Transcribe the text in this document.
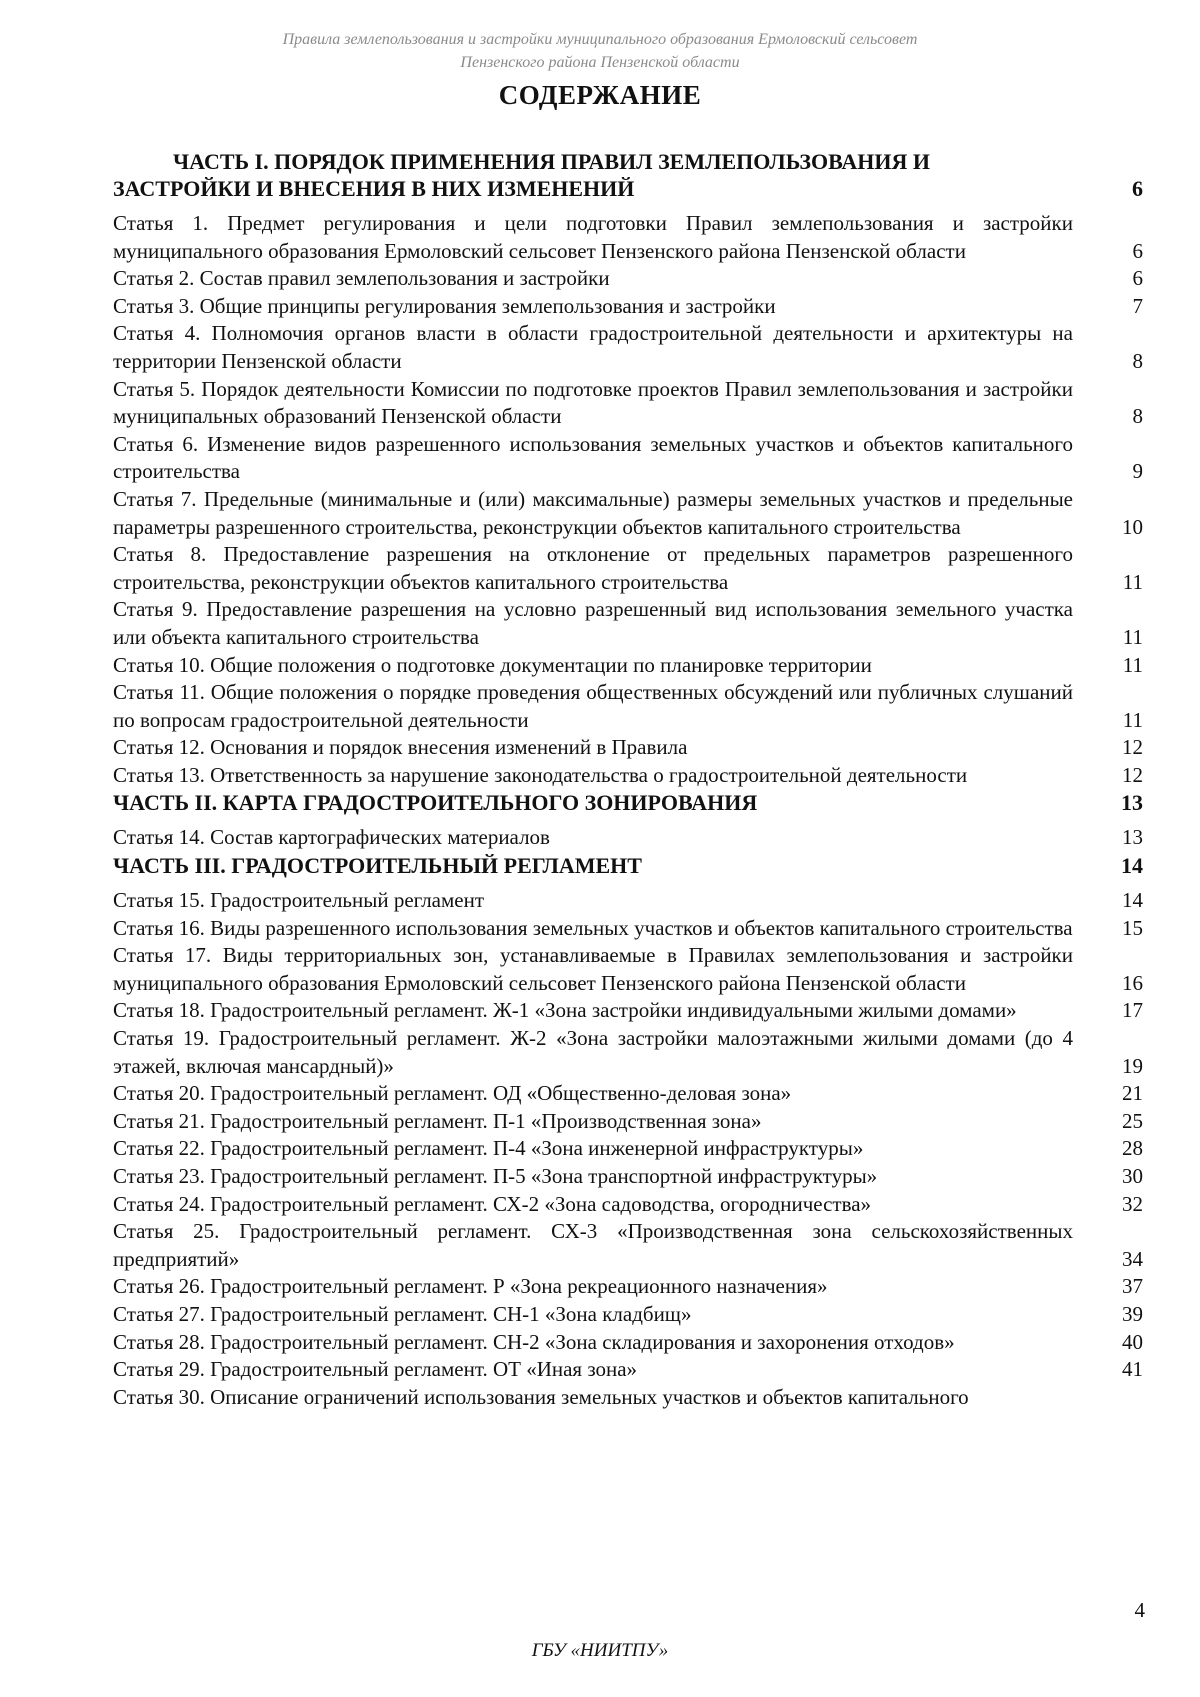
Правила землепользования и застройки муниципального образования Ермоловский сельсовет
Пензенского района Пензенской области
СОДЕРЖАНИЕ
ЧАСТЬ I. ПОРЯДОК ПРИМЕНЕНИЯ ПРАВИЛ ЗЕМЛЕПОЛЬЗОВАНИЯ И ЗАСТРОЙКИ И ВНЕСЕНИЯ В НИХ ИЗМЕНЕНИЙ	6
Статья 1. Предмет регулирования и цели подготовки Правил землепользования и застройки муниципального образования Ермоловский сельсовет Пензенского района Пензенской области	6
Статья 2. Состав правил землепользования и застройки	6
Статья 3. Общие принципы регулирования землепользования и застройки	7
Статья 4. Полномочия органов власти в области градостроительной деятельности и архитектуры на территории Пензенской области	8
Статья 5. Порядок деятельности Комиссии по подготовке проектов Правил землепользования и застройки муниципальных образований Пензенской области	8
Статья 6. Изменение видов разрешенного использования земельных участков и объектов капитального строительства	9
Статья 7. Предельные (минимальные и (или) максимальные) размеры земельных участков и предельные параметры разрешенного строительства, реконструкции объектов капитального строительства	10
Статья 8. Предоставление разрешения на отклонение от предельных параметров разрешенного строительства, реконструкции объектов капитального строительства	11
Статья 9. Предоставление разрешения на условно разрешенный вид использования земельного участка или объекта капитального строительства	11
Статья 10. Общие положения о подготовке документации по планировке территории	11
Статья 11. Общие положения о порядке проведения общественных обсуждений или публичных слушаний по вопросам градостроительной деятельности	11
Статья 12. Основания и порядок внесения изменений в Правила	12
Статья 13. Ответственность за нарушение законодательства о градостроительной деятельности	12
ЧАСТЬ II. КАРТА ГРАДОСТРОИТЕЛЬНОГО ЗОНИРОВАНИЯ	13
Статья 14. Состав картографических материалов	13
ЧАСТЬ III. ГРАДОСТРОИТЕЛЬНЫЙ РЕГЛАМЕНТ	14
Статья 15. Градостроительный регламент	14
Статья 16. Виды разрешенного использования земельных участков и объектов капитального строительства	15
Статья 17. Виды территориальных зон, устанавливаемые в Правилах землепользования и застройки муниципального образования Ермоловский сельсовет Пензенского района Пензенской области	16
Статья 18. Градостроительный регламент. Ж-1 «Зона застройки индивидуальными жилыми домами»	17
Статья 19. Градостроительный регламент. Ж-2 «Зона застройки малоэтажными жилыми домами (до 4 этажей, включая мансардный)»	19
Статья 20. Градостроительный регламент. ОД «Общественно-деловая зона»	21
Статья 21. Градостроительный регламент. П-1 «Производственная зона»	25
Статья 22. Градостроительный регламент. П-4 «Зона инженерной инфраструктуры»	28
Статья 23. Градостроительный регламент. П-5 «Зона транспортной инфраструктуры»	30
Статья 24. Градостроительный регламент. СХ-2 «Зона садоводства, огородничества»	32
Статья 25. Градостроительный регламент. СХ-3 «Производственная зона сельскохозяйственных предприятий»	34
Статья 26. Градостроительный регламент. Р «Зона рекреационного назначения»	37
Статья 27. Градостроительный регламент. СН-1 «Зона кладбищ»	39
Статья 28. Градостроительный регламент. СН-2 «Зона складирования и захоронения отходов»	40
Статья 29. Градостроительный регламент. ОТ «Иная зона»	41
Статья 30. Описание ограничений использования земельных участков и объектов капитального
4
ГБУ «НИИТПУ»
